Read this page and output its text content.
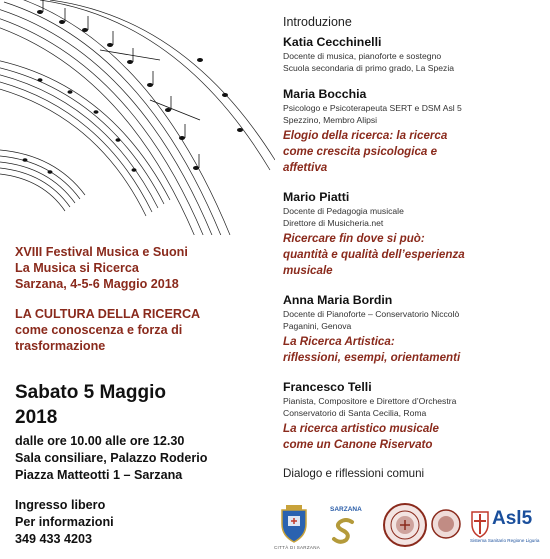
XVIII Festival Musica e Suoni
La Musica si Ricerca
Sarzana, 4-5-6 Maggio 2018
LA CULTURA DELLA RICERCA
come conoscenza e forza di
trasformazione
Sabato 5 Maggio
2018
dalle ore 10.00 alle ore 12.30
Sala consiliare, Palazzo Roderio
Piazza Matteotti 1 – Sarzana
Ingresso libero
Per informazioni
349 433 4203
Introduzione
Katia Cecchinelli
Docente di musica, pianoforte e sostegno
Scuola secondaria di primo grado, La Spezia
Maria Bocchia
Psicologo e Psicoterapeuta SERT e DSM Asl 5
Spezzino, Membro Alipsi
Elogio della ricerca: la ricerca
come crescita psicologica e
affettiva
Mario Piatti
Docente di Pedagogia musicale
Direttore di Musicheria.net
Ricercare fin dove si può:
quantità e qualità dell’esperienza
musicale
Anna Maria Bordin
Docente di Pianoforte – Conservatorio Niccolò
Paganini, Genova
La Ricerca Artistica:
riflessioni, esempi, orientamenti
Francesco Telli
Pianista, Compositore e Direttore d’Orchestra
Conservatorio di Santa Cecilia, Roma
La ricerca artistico musicale
come un Canone Riservato
Dialogo e riflessioni comuni
CITTÀ DI SARZANA
SARZANA	Asl5
Sistema Sanitario Regione Liguria
